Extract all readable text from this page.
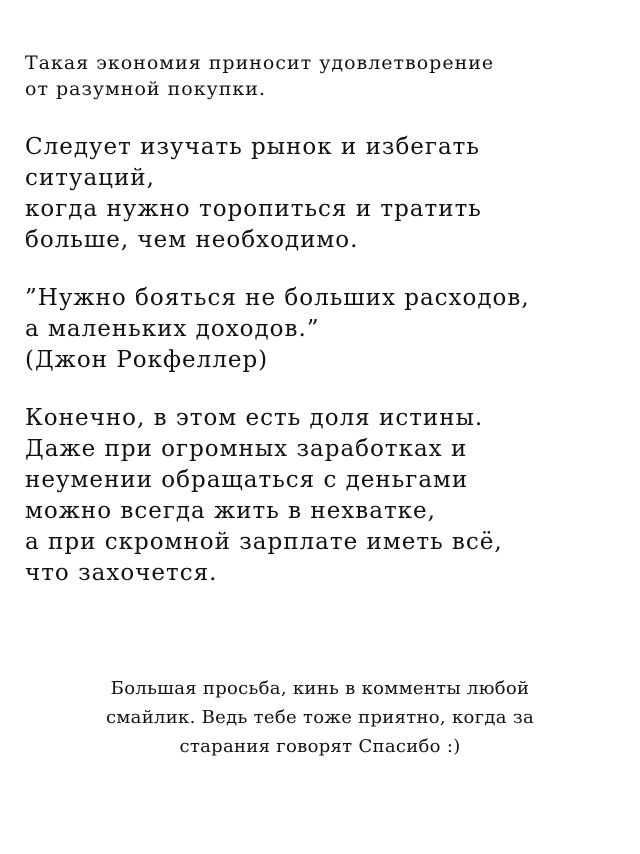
Такая экономия приносит удовлетворение
от разумной покупки.

Следует изучать рынок и избегать
ситуаций,
когда нужно торопиться и тратить
больше, чем необходимо.

”Нужно бояться не больших расходов,
а маленьких доходов.”
(Джон Рокфеллер)

Конечно, в этом есть доля истины.
Даже при огромных заработках и
неумении обращаться с деньгами
можно всегда жить в нехватке,
а при скромной зарплате иметь всё,
что захочется.

Большая просьба, кинь в комменты любой
смайлик. Ведь тебе тоже приятно, когда за
старания говорят Спасибо :)
